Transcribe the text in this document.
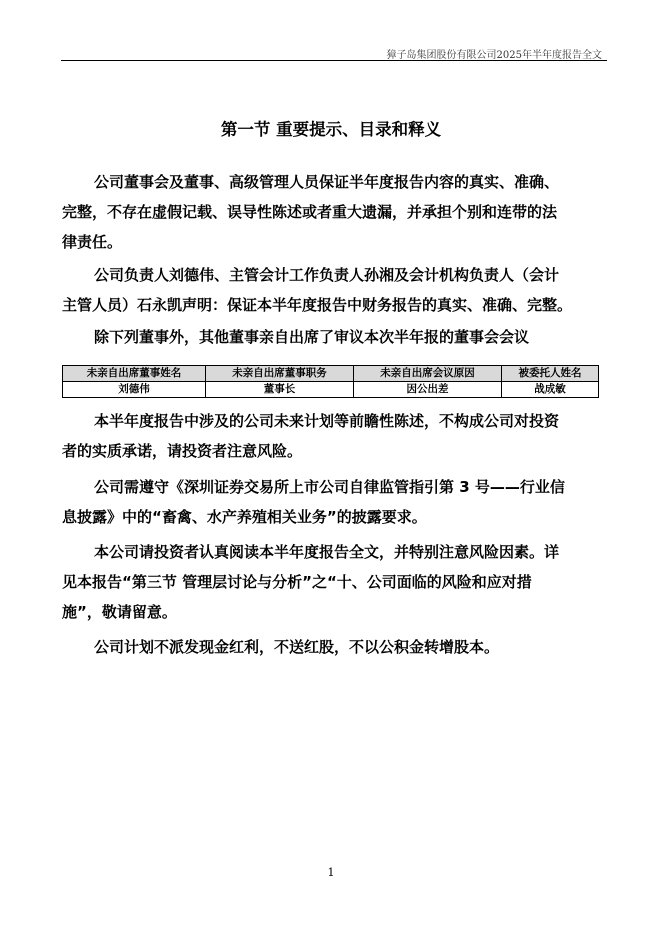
獐子岛集团股份有限公司2025年半年度报告全文
第一节 重要提示、目录和释义

公司董事会及董事、高级管理人员保证半年度报告内容的真实、准确、

完整，不存在虚假记载、误导性陈述或者重大遗漏，并承担个别和连带的法

律责任。

公司负责人刘德伟、主管会计工作负责人孙湘及会计机构负责人（会计

主管人员）石永凯声明：保证本半年度报告中财务报告的真实、准确、完整。

除下列董事外，其他董事亲自出席了审议本次半年报的董事会会议

未亲自出席董事姓名	未亲自出席董事职务	未亲自出席会议原因	被委托人姓名
刘德伟	董事长	因公出差	战成敏

本半年度报告中涉及的公司未来计划等前瞻性陈述，不构成公司对投资

者的实质承诺，请投资者注意风险。

公司需遵守《深圳证券交易所上市公司自律监管指引第 3 号——行业信

息披露》中的“畜禽、水产养殖相关业务”的披露要求。

本公司请投资者认真阅读本半年度报告全文，并特别注意风险因素。详

见本报告“第三节 管理层讨论与分析”之“十、公司面临的风险和应对措

施”，敬请留意。

公司计划不派发现金红利，不送红股，不以公积金转增股本。

1
